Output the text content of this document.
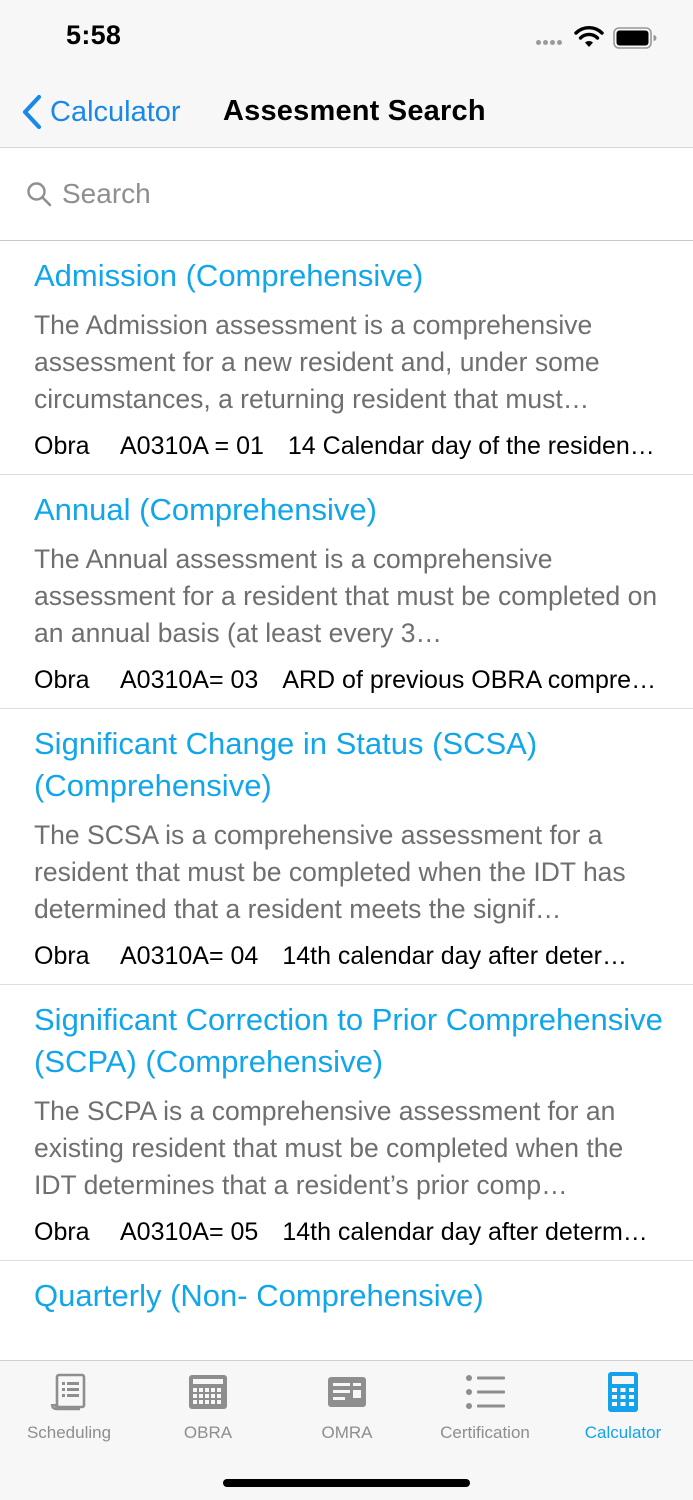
5:58
Calculator Assesment Search
Search
Admission (Comprehensive)
The Admission assessment is a comprehensive assessment for a new resident and, under some circumstances, a returning resident that must…
Obra	A0310A = 01 14 Calendar day of the residen…
Annual (Comprehensive)
The Annual assessment is a comprehensive assessment for a resident that must be completed on an annual basis (at least every 3…
Obra	A0310A= 03 ARD of previous OBRA compre…
Significant Change in Status (SCSA) (Comprehensive)
The SCSA is a comprehensive assessment for a resident that must be completed when the IDT has determined that a resident meets the signif…
Obra	A0310A= 04 14th calendar day after deter…
Significant Correction to Prior Comprehensive (SCPA) (Comprehensive)
The SCPA is a comprehensive assessment for an existing resident that must be completed when the IDT determines that a resident’s prior comp…
Obra	A0310A= 05 14th calendar day after determ…
Quarterly (Non- Comprehensive)
Scheduling	OBRA	OMRA	Certification	Calculator
